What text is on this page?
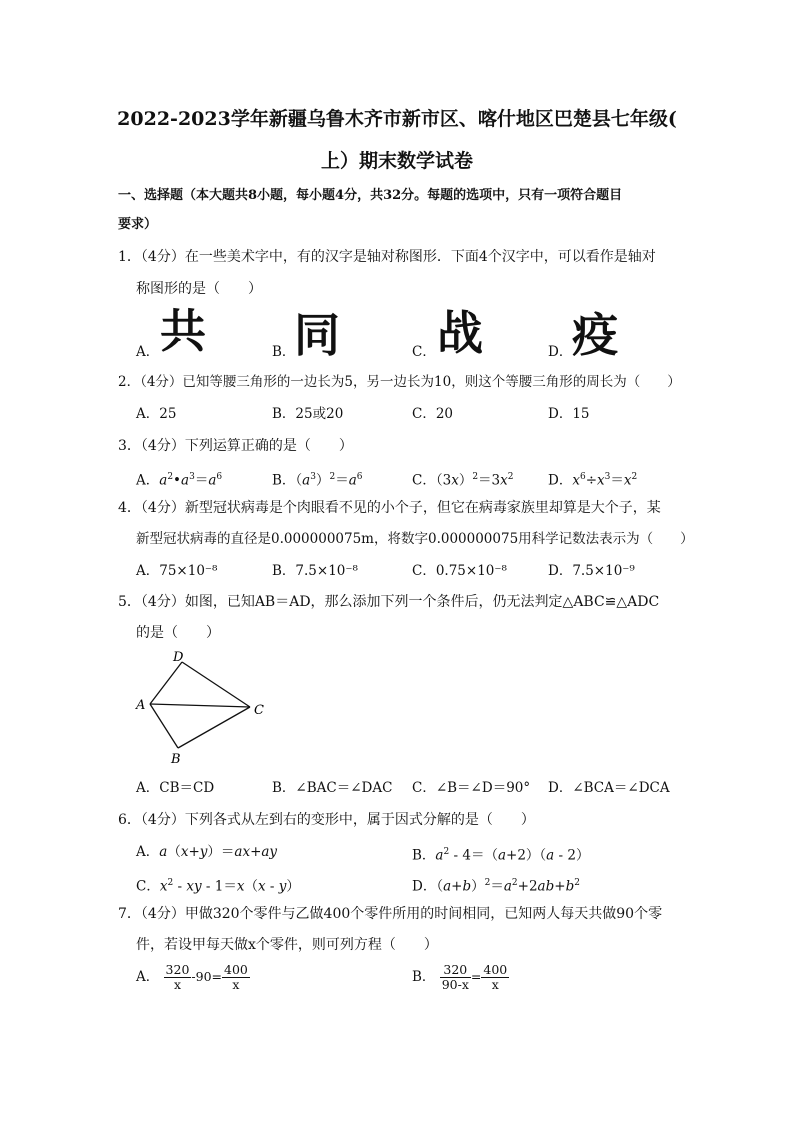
2022-2023学年新疆乌鲁木齐市新市区、喀什地区巴楚县七年级(
上）期末数学试卷
一、选择题（本大题共8小题，每小题4分，共32分。每题的选项中，只有一项符合题目
要求）
1．（4分）在一些美术字中，有的汉字是轴对称图形．下面4个汉字中，可以看作是轴对
称图形的是（　　）
A． 共	B．
同	C． 战	D． 疫
2．（4分）已知等腰三角形的一边长为5，另一边长为10，则这个等腰三角形的周长为（　　）
A．25	B．25或20	C．20	D．15
3．（4分）下列运算正确的是（　　）
A．$a^2•a^3=a^6$	B．$(a^3)^2=a^6$	C．$(3x)^2=3x^2$	D．$x^6\div x^3=x^2$
4．（4分）新型冠状病毒是个肉眼看不见的小个子，但它在病毒家族里却算是大个子，某
新型冠状病毒的直径是0.000000075m，将数字0.000000075用科学记数法表示为（　　）
A．75×10⁻⁸	B．7.5×10⁻⁸	C．0.75×10⁻⁸	D．7.5×10⁻⁹
5．（4分）如图，已知AB＝AD，那么添加下列一个条件后，仍无法判定△ABC≌△ADC
的是（　　）
A
B
C
D
A．CB＝CD	B．∠BAC＝∠DAC C．∠B＝∠D＝90° D．∠BCA＝∠DCA
6．（4分）下列各式从左到右的变形中，属于因式分解的是（　　）
A．a（x+y）＝ax+ay	B．$a^2 - 4=(a+2)(a - 2)$
C．$x^2$ - xy - 1＝x（x - y）	D．$(a+b)^2=a^2+2ab+b^2$
7．（4分）甲做320个零件与乙做400个零件所用的时间相同，已知两人每天共做90个零
件，若设甲每天做x个零件，则可列方程（　　）
A． $\frac{320}{x} -90= \frac{400}{x}$	B． $\frac{320}{90-x} = \frac{400}{x}$
